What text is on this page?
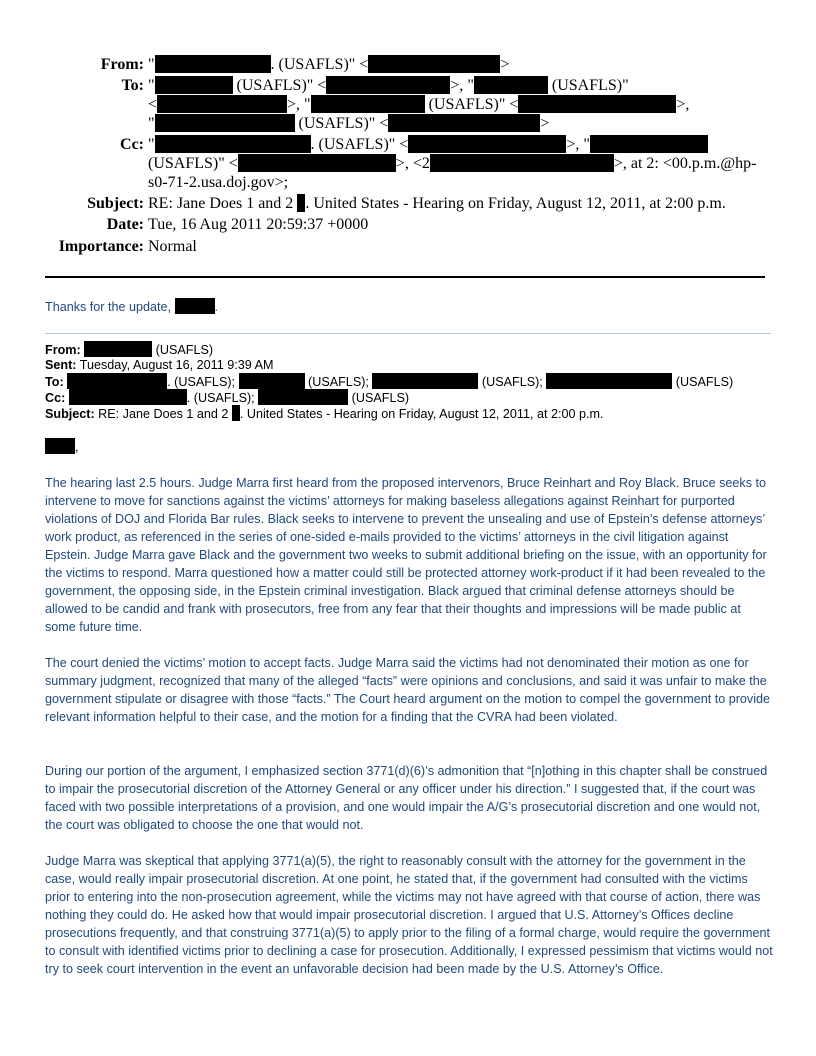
From: "	. (USAFLS)" <	>
To: "	(USAFLS)" <	>, "	(USAFLS)"
<	>, "	(USAFLS)" <	>,
"	(USAFLS)" <	>
Cc: "	. (USAFLS)" <	>, "
(USAFLS)" <	>, <2	>, at 2: <00.p.m.@hp-
s0-71-2.usa.doj.gov>;
Subject: RE: Jane Does 1 and 2 . United States - Hearing on Friday, August 12, 2011, at 2:00 p.m.
Date: Tue, 16 Aug 2011 20:59:37 +0000
Importance: Normal
Thanks for the update,	.
From:	(USAFLS)
Sent: Tuesday, August 16, 2011 9:39 AM
To:	. (USAFLS);	(USAFLS);	(USAFLS);	(USAFLS)
Cc:	. (USAFLS);	(USAFLS)
Subject: RE: Jane Does 1 and 2 . United States - Hearing on Friday, August 12, 2011, at 2:00 p.m.
,
The hearing last 2.5 hours. Judge Marra first heard from the proposed intervenors, Bruce Reinhart and Roy Black. Bruce seeks to intervene to move for sanctions against the victims’ attorneys for making baseless allegations against Reinhart for purported violations of DOJ and Florida Bar rules. Black seeks to intervene to prevent the unsealing and use of Epstein’s defense attorneys’ work product, as referenced in the series of one-sided e-mails provided to the victims’ attorneys in the civil litigation against Epstein. Judge Marra gave Black and the government two weeks to submit additional briefing on the issue, with an opportunity for the victims to respond. Marra questioned how a matter could still be protected attorney work-product if it had been revealed to the government, the opposing side, in the Epstein criminal investigation. Black argued that criminal defense attorneys should be allowed to be candid and frank with prosecutors, free from any fear that their thoughts and impressions will be made public at some future time.
The court denied the victims’ motion to accept facts. Judge Marra said the victims had not denominated their motion as one for summary judgment, recognized that many of the alleged “facts” were opinions and conclusions, and said it was unfair to make the government stipulate or disagree with those “facts.” The Court heard argument on the motion to compel the government to provide relevant information helpful to their case, and the motion for a finding that the CVRA had been violated.
During our portion of the argument, I emphasized section 3771(d)(6)’s admonition that “[n]othing in this chapter shall be construed to impair the prosecutorial discretion of the Attorney General or any officer under his direction.” I suggested that, if the court was faced with two possible interpretations of a provision, and one would impair the A/G’s prosecutorial discretion and one would not, the court was obligated to choose the one that would not.
Judge Marra was skeptical that applying 3771(a)(5), the right to reasonably consult with the attorney for the government in the case, would really impair prosecutorial discretion. At one point, he stated that, if the government had consulted with the victims prior to entering into the non-prosecution agreement, while the victims may not have agreed with that course of action, there was nothing they could do. He asked how that would impair prosecutorial discretion. I argued that U.S. Attorney’s Offices decline prosecutions frequently, and that construing 3771(a)(5) to apply prior to the filing of a formal charge, would require the government to consult with identified victims prior to declining a case for prosecution. Additionally, I expressed pessimism that victims would not try to seek court intervention in the event an unfavorable decision had been made by the U.S. Attorney’s Office.
